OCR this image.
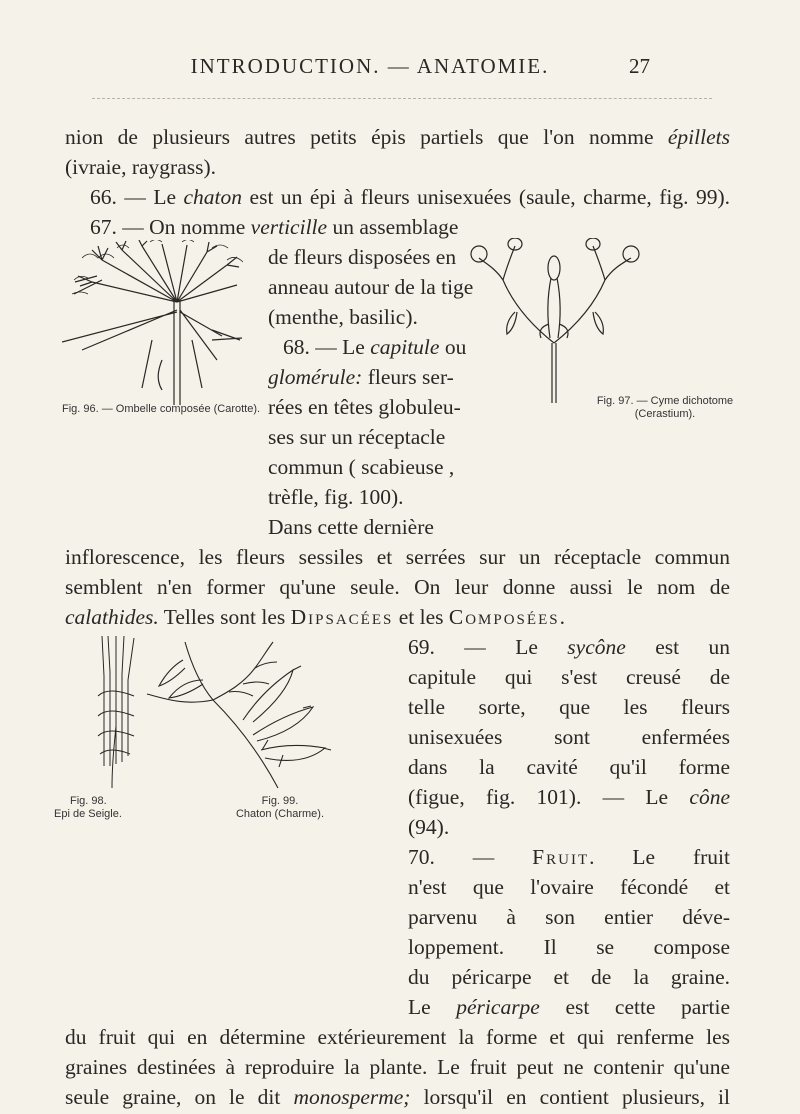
INTRODUCTION. — ANATOMIE.	27

nion de plusieurs autres petits épis partiels que l'on nomme épillets

(ivraie, raygrass).

66. — Le chaton est un épi à fleurs unisexuées (saule, charme, fig. 99).

67. — On nomme verticille un assemblage

de fleurs disposées en

anneau autour de la tige

(menthe, basilic).

68. — Le capitule ou

glomérule: fleurs ser-

rées en têtes globuleu-

ses sur un réceptacle

commun ( scabieuse ,

trèfle, fig. 100).

Dans cette dernière

inflorescence, les fleurs sessiles et serrées sur un réceptacle commun

semblent n'en former qu'une seule. On leur donne aussi le nom de

calathides. Telles sont les Dipsacées et les Composées.

69. — Le sycône est un

capitule qui s'est creusé de

telle sorte, que les fleurs

unisexuées sont enfermées

dans la cavité qu'il forme

(figue, fig. 101). — Le cône

(94).

70. — Fruit. Le fruit

n'est que l'ovaire fécondé et

parvenu à son entier déve-

loppement. Il se compose

du péricarpe et de la graine.

Le péricarpe est cette partie

du fruit qui en détermine extérieurement la forme et qui renferme les

graines destinées à reproduire la plante. Le fruit peut ne contenir qu'une

seule graine, on le dit monosperme; lorsqu'il en contient plusieurs, il

Fig. 96. — Ombelle composée (Carotte).
Fig. 97. — Cyme dichotome
(Cerastium).
Fig. 98.
Epi de Seigle.
Fig. 99.
Chaton (Charme).
